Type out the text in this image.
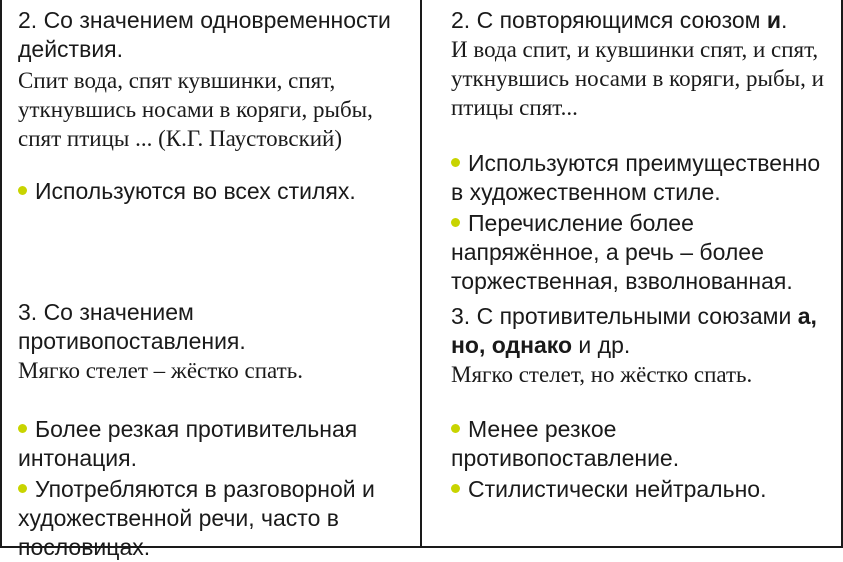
2. Со значением одновременности действия.

Спит вода, спят кувшинки, спят, уткнувшись носами в коряги, рыбы, спят птицы ... (К.Г. Паустовский)

Используются во всех стилях.

2. С повторяющимся союзом и.

И вода спит, и кувшинки спят, и спят, уткнувшись носами в коряги, рыбы, и птицы спят...

Используются преимущественно в художественном стиле.

Перечисление более напряжённое, а речь – более торжественная, взволнованная.

3. Со значением противопоставления.

Мягко стелет – жёстко спать.

Более резкая противительная интонация.

Употребляются в разговорной и художественной речи, часто в пословицах.

3. С противительными союзами а, но, однако и др.

Мягко стелет, но жёстко спать.

Менее резкое противопоставление.

Стилистически нейтрально.
